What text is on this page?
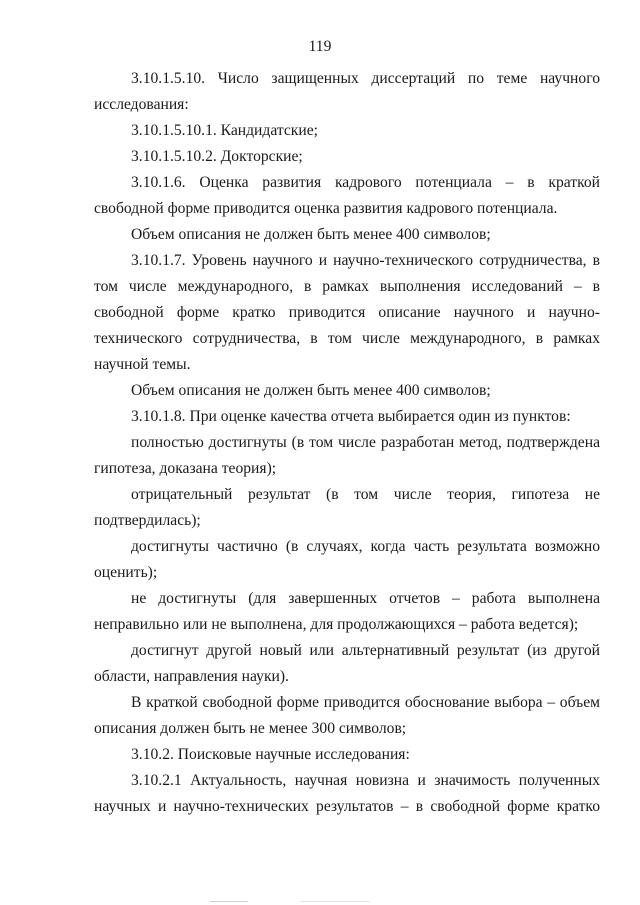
119

3.10.1.5.10. Число защищенных диссертаций по теме научного исследования:

3.10.1.5.10.1. Кандидатские;

3.10.1.5.10.2. Докторские;

3.10.1.6. Оценка развития кадрового потенциала – в краткой свободной форме приводится оценка развития кадрового потенциала.

Объем описания не должен быть менее 400 символов;

3.10.1.7. Уровень научного и научно-технического сотрудничества, в том числе международного, в рамках выполнения исследований – в свободной форме кратко приводится описание научного и научно-технического сотрудничества, в том числе международного, в рамках научной темы.

Объем описания не должен быть менее 400 символов;

3.10.1.8. При оценке качества отчета выбирается один из пунктов:

полностью достигнуты (в том числе разработан метод, подтверждена гипотеза, доказана теория);

отрицательный результат (в том числе теория, гипотеза не подтвердилась);

достигнуты частично (в случаях, когда часть результата возможно оценить);

не достигнуты (для завершенных отчетов – работа выполнена неправильно или не выполнена, для продолжающихся – работа ведется);

достигнут другой новый или альтернативный результат (из другой области, направления науки).

В краткой свободной форме приводится обоснование выбора – объем описания должен быть не менее 300 символов;

3.10.2. Поисковые научные исследования:

3.10.2.1 Актуальность, научная новизна и значимость полученных научных и научно-технических результатов – в свободной форме кратко
